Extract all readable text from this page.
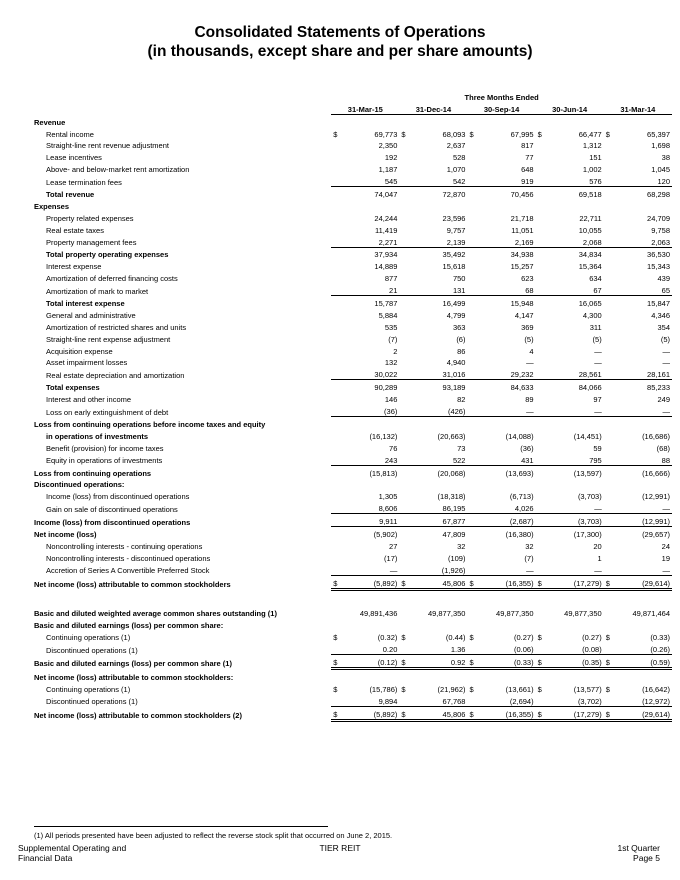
Consolidated Statements of Operations
(in thousands, except share and per share amounts)
	Three Months Ended									
	31-Mar-15		31-Dec-14		30-Sep-14		30-Jun-14		31-Mar-14	
Revenue										
Rental income	$	69,773	$	68,093	$	67,995	$	66,477	$	65,397
Straight-line rent revenue adjustment		2,350		2,637		817		1,312		1,698
Lease incentives		192		528		77		151		38
Above- and below-market rent amortization		1,187		1,070		648		1,002		1,045
Lease termination fees		545		542		919		576		120
Total revenue		74,047		72,870		70,456		69,518		68,298
Expenses										
Property related expenses		24,244		23,596		21,718		22,711		24,709
Real estate taxes		11,419		9,757		11,051		10,055		9,758
Property management fees		2,271		2,139		2,169		2,068		2,063
Total property operating expenses		37,934		35,492		34,938		34,834		36,530
Interest expense		14,889		15,618		15,257		15,364		15,343
Amortization of deferred financing costs		877		750		623		634		439
Amortization of mark to market		21		131		68		67		65
Total interest expense		15,787		16,499		15,948		16,065		15,847
General and administrative		5,884		4,799		4,147		4,300		4,346
Amortization of restricted shares and units		535		363		369		311		354
Straight-line rent expense adjustment		(7)		(6)		(5)		(5)		(5)
Acquisition expense		2		86		4		—		—
Asset impairment losses		132		4,940		—		—		—
Real estate depreciation and amortization		30,022		31,016		29,232		28,561		28,161
Total expenses		90,289		93,189		84,633		84,066		85,233
Interest and other income		146		82		89		97		249
Loss on early extinguishment of debt		(36)		(426)		—		—		—
Loss from continuing operations before income taxes and equity										
in operations of investments		(16,132)		(20,663)		(14,088)		(14,451)		(16,686)
Benefit (provision) for income taxes		76		73		(36)		59		(68)
Equity in operations of investments		243		522		431		795		88
Loss from continuing operations		(15,813)		(20,068)		(13,693)		(13,597)		(16,666)
Discontinued operations:										
Income (loss) from discontinued operations		1,305		(18,318)		(6,713)		(3,703)		(12,991)
Gain on sale of discontinued operations		8,606		86,195		4,026		—		—
Income (loss) from discontinued operations		9,911		67,877		(2,687)		(3,703)		(12,991)
Net income (loss)		(5,902)		47,809		(16,380)		(17,300)		(29,657)
Noncontrolling interests - continuing operations		27		32		32		20		24
Noncontrolling interests - discontinued operations		(17)		(109)		(7)		1		19
Accretion of Series A Convertible Preferred Stock		—		(1,926)		—		—		—
Net income (loss) attributable to common stockholders	$	(5,892)	$	45,806	$	(16,355)	$	(17,279)	$	(29,614)

Basic and diluted weighted average common shares outstanding (1)		49,891,436		49,877,350		49,877,350		49,877,350		49,871,464
Basic and diluted earnings (loss) per common share:										
Continuing operations (1)	$	(0.32)	$	(0.44)	$	(0.27)	$	(0.27)	$	(0.33)
Discontinued operations (1)		0.20		1.36		(0.06)		(0.08)		(0.26)
Basic and diluted earnings (loss) per common share (1)	$	(0.12)	$	0.92	$	(0.33)	$	(0.35)	$	(0.59)
Net income (loss) attributable to common stockholders:										
Continuing operations (1)	$	(15,786)	$	(21,962)	$	(13,661)	$	(13,577)	$	(16,642)
Discontinued operations (1)		9,894		67,768		(2,694)		(3,702)		(12,972)
Net income (loss) attributable to common stockholders (2)	$	(5,892)	$	45,806	$	(16,355)	$	(17,279)	$	(29,614)
(1) All periods presented have been adjusted to reflect the reverse stock split that occurred on June 2, 2015.
Supplemental Operating and
Financial Data
TIER REIT	1st Quarter
Page 5
